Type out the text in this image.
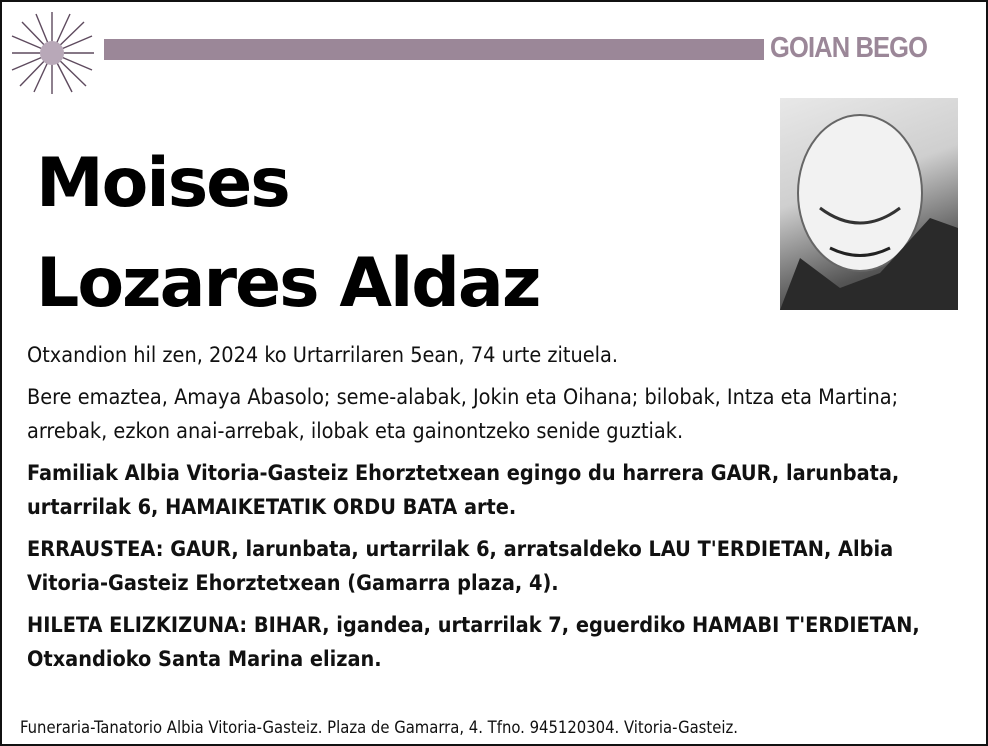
GOIAN BEGO
Moises
Lozares Aldaz

Otxandion hil zen, 2024 ko Urtarrilaren 5ean, 74 urte zituela.

Bere emaztea, Amaya Abasolo; seme-alabak, Jokin eta Oihana; bilobak, Intza eta Martina; arrebak, ezkon anai-arrebak, ilobak eta gainontzeko senide guztiak.

Familiak Albia Vitoria-Gasteiz Ehorztetxean egingo du harrera GAUR, larunbata, urtarrilak 6, HAMAIKETATIK ORDU BATA arte.

ERRAUSTEA: GAUR, larunbata, urtarrilak 6, arratsaldeko LAU T'ERDIETAN, Albia Vitoria-Gasteiz Ehorztetxean (Gamarra plaza, 4).

HILETA ELIZKIZUNA: BIHAR, igandea, urtarrilak 7, eguerdiko HAMABI T'ERDIETAN, Otxandioko Santa Marina elizan.

Funeraria-Tanatorio Albia Vitoria-Gasteiz. Plaza de Gamarra, 4. Tfno. 945120304. Vitoria-Gasteiz.
